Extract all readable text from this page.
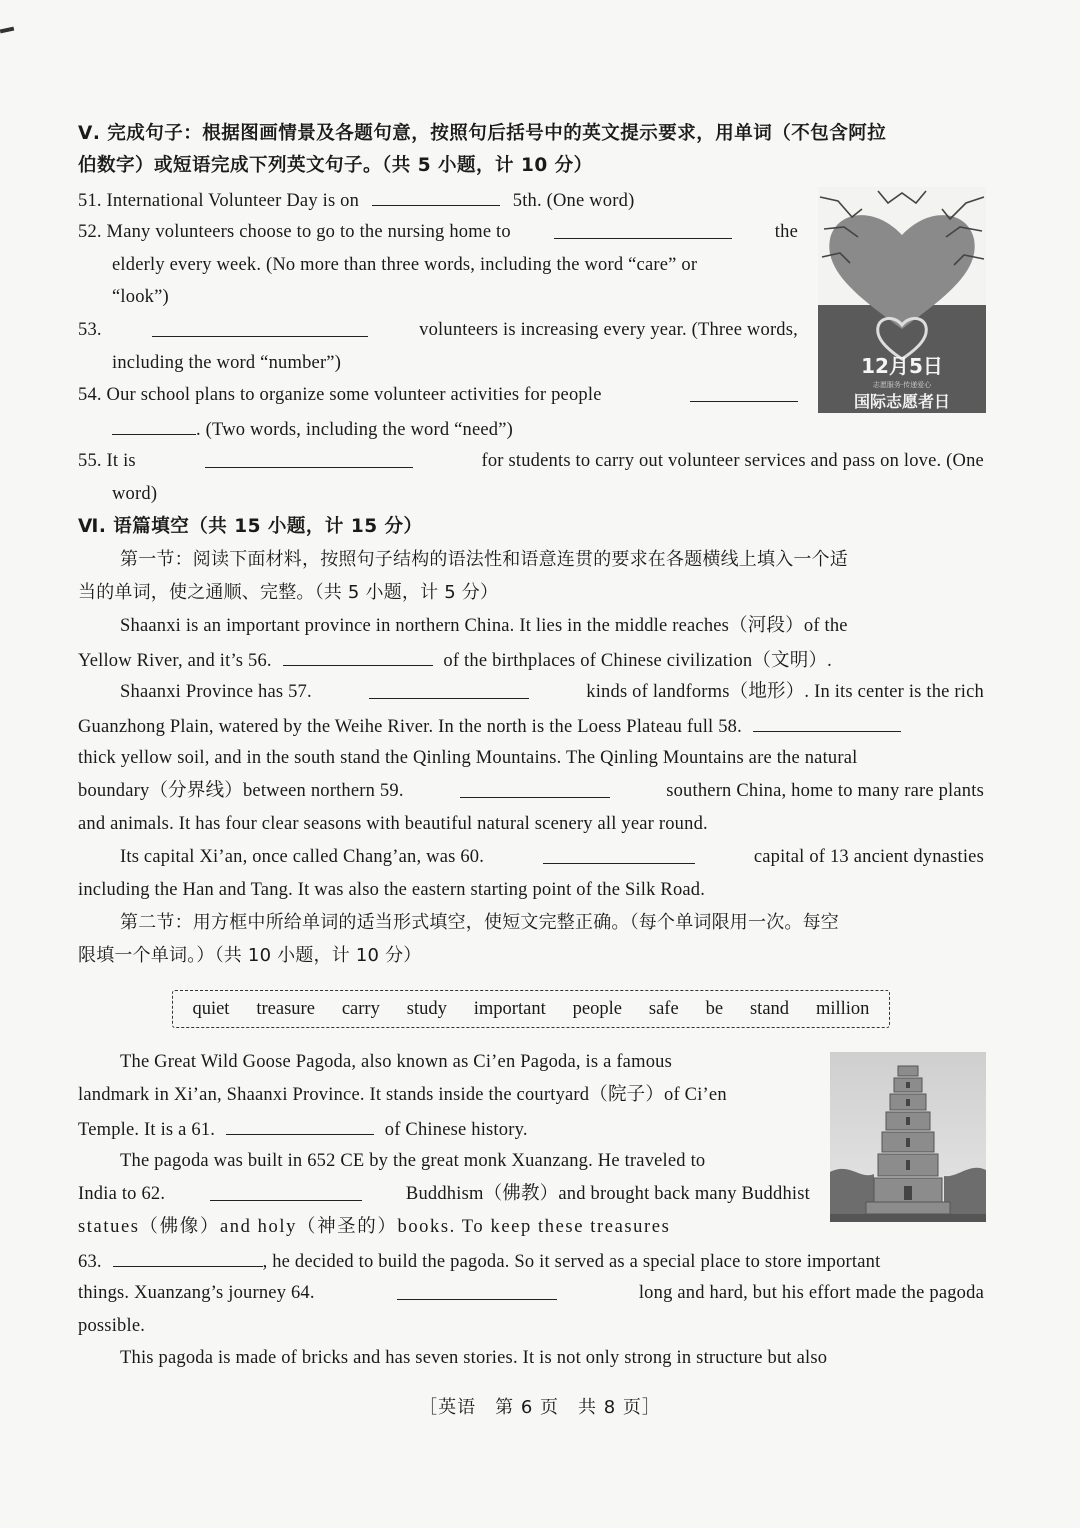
Ⅴ. 完成句子：根据图画情景及各题句意，按照句后括号中的英文提示要求，用单词（不包含阿拉
伯数字）或短语完成下列英文句子。（共 5 小题，计 10 分）
51. International Volunteer Day is on	5th. (One word)
52. Many volunteers choose to go to the nursing home to	the
elderly every week. (No more than three words, including the word “care” or
“look”)
53.	volunteers is increasing every year. (Three words,
including the word “number”)
54. Our school plans to organize some volunteer activities for people
. (Two words, including the word “need”)
55. It is	for students to carry out volunteer services and pass on love. (One
word)
12月5日
志愿服务·传递爱心
国际志愿者日
Ⅵ. 语篇填空（共 15 小题，计 15 分）
第一节：阅读下面材料，按照句子结构的语法性和语意连贯的要求在各题横线上填入一个适
当的单词，使之通顺、完整。（共 5 小题，计 5 分）
Shaanxi is an important province in northern China. It lies in the middle reaches（河段）of the
Yellow River, and it’s 56.	of the birthplaces of Chinese civilization（文明）.
Shaanxi Province has 57.	kinds of landforms（地形）. In its center is the rich
Guanzhong Plain, watered by the Weihe River. In the north is the Loess Plateau full 58.
thick yellow soil, and in the south stand the Qinling Mountains. The Qinling Mountains are the natural
boundary（分界线）between northern 59.	southern China, home to many rare plants
and animals. It has four clear seasons with beautiful natural scenery all year round.
Its capital Xi’an, once called Chang’an, was 60.	capital of 13 ancient dynasties
including the Han and Tang. It was also the eastern starting point of the Silk Road.
第二节：用方框中所给单词的适当形式填空，使短文完整正确。（每个单词限用一次。每空
限填一个单词。）（共 10 小题，计 10 分）
quiet treasure carry study important people safe be stand million
The Great Wild Goose Pagoda, also known as Ci’en Pagoda, is a famous
landmark in Xi’an, Shaanxi Province. It stands inside the courtyard（院子）of Ci’en
Temple. It is a 61.	of Chinese history.
The pagoda was built in 652 CE by the great monk Xuanzang. He traveled to
India to 62.	Buddhism（佛教）and brought back many Buddhist
statues（佛像）and holy（神圣的）books. To keep these treasures
63.	, he decided to build the pagoda. So it served as a special place to store important
things. Xuanzang’s journey 64.	long and hard, but his effort made the pagoda
possible.
This pagoda is made of bricks and has seven stories. It is not only strong in structure but also
［英语　第 6 页　共 8 页］
